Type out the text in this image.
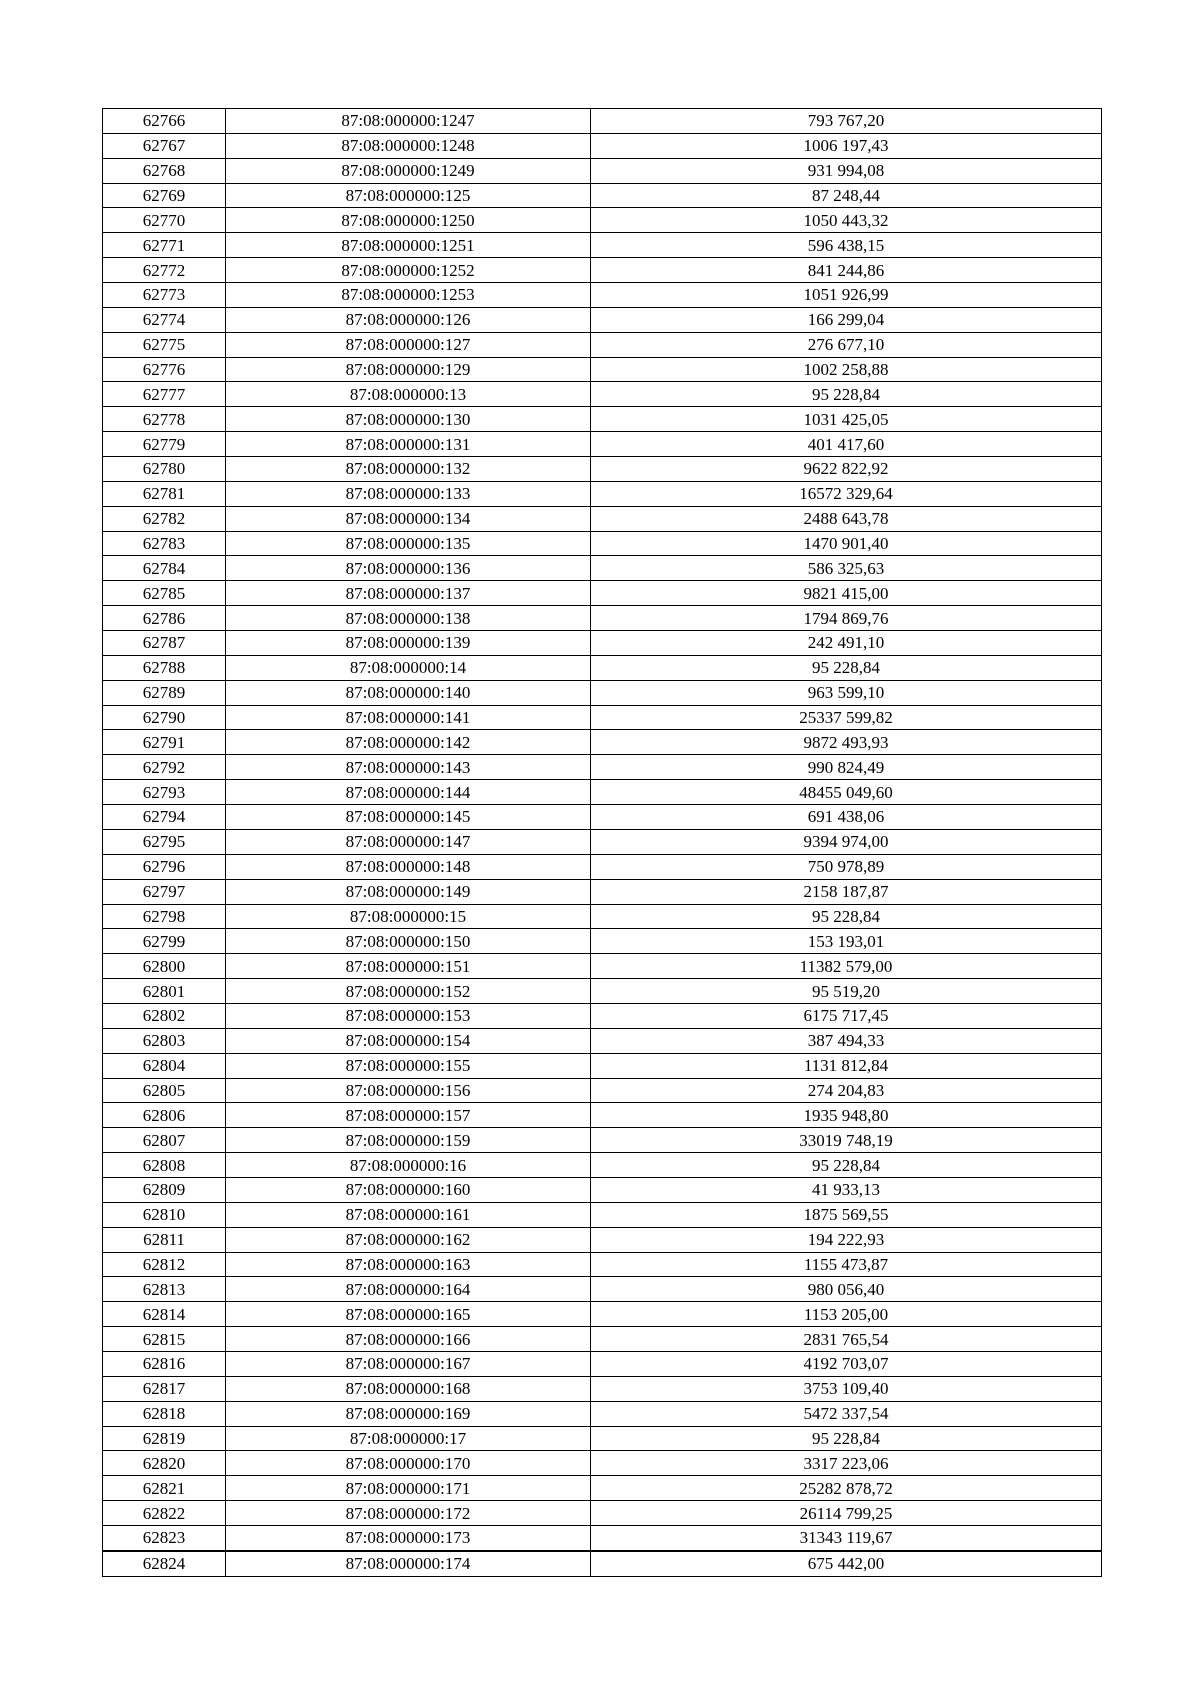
62766	87:08:000000:1247	793 767,20
62767	87:08:000000:1248	1006 197,43
62768	87:08:000000:1249	931 994,08
62769	87:08:000000:125	87 248,44
62770	87:08:000000:1250	1050 443,32
62771	87:08:000000:1251	596 438,15
62772	87:08:000000:1252	841 244,86
62773	87:08:000000:1253	1051 926,99
62774	87:08:000000:126	166 299,04
62775	87:08:000000:127	276 677,10
62776	87:08:000000:129	1002 258,88
62777	87:08:000000:13	95 228,84
62778	87:08:000000:130	1031 425,05
62779	87:08:000000:131	401 417,60
62780	87:08:000000:132	9622 822,92
62781	87:08:000000:133	16572 329,64
62782	87:08:000000:134	2488 643,78
62783	87:08:000000:135	1470 901,40
62784	87:08:000000:136	586 325,63
62785	87:08:000000:137	9821 415,00
62786	87:08:000000:138	1794 869,76
62787	87:08:000000:139	242 491,10
62788	87:08:000000:14	95 228,84
62789	87:08:000000:140	963 599,10
62790	87:08:000000:141	25337 599,82
62791	87:08:000000:142	9872 493,93
62792	87:08:000000:143	990 824,49
62793	87:08:000000:144	48455 049,60
62794	87:08:000000:145	691 438,06
62795	87:08:000000:147	9394 974,00
62796	87:08:000000:148	750 978,89
62797	87:08:000000:149	2158 187,87
62798	87:08:000000:15	95 228,84
62799	87:08:000000:150	153 193,01
62800	87:08:000000:151	11382 579,00
62801	87:08:000000:152	95 519,20
62802	87:08:000000:153	6175 717,45
62803	87:08:000000:154	387 494,33
62804	87:08:000000:155	1131 812,84
62805	87:08:000000:156	274 204,83
62806	87:08:000000:157	1935 948,80
62807	87:08:000000:159	33019 748,19
62808	87:08:000000:16	95 228,84
62809	87:08:000000:160	41 933,13
62810	87:08:000000:161	1875 569,55
62811	87:08:000000:162	194 222,93
62812	87:08:000000:163	1155 473,87
62813	87:08:000000:164	980 056,40
62814	87:08:000000:165	1153 205,00
62815	87:08:000000:166	2831 765,54
62816	87:08:000000:167	4192 703,07
62817	87:08:000000:168	3753 109,40
62818	87:08:000000:169	5472 337,54
62819	87:08:000000:17	95 228,84
62820	87:08:000000:170	3317 223,06
62821	87:08:000000:171	25282 878,72
62822	87:08:000000:172	26114 799,25
62823	87:08:000000:173	31343 119,67
62824	87:08:000000:174	675 442,00
